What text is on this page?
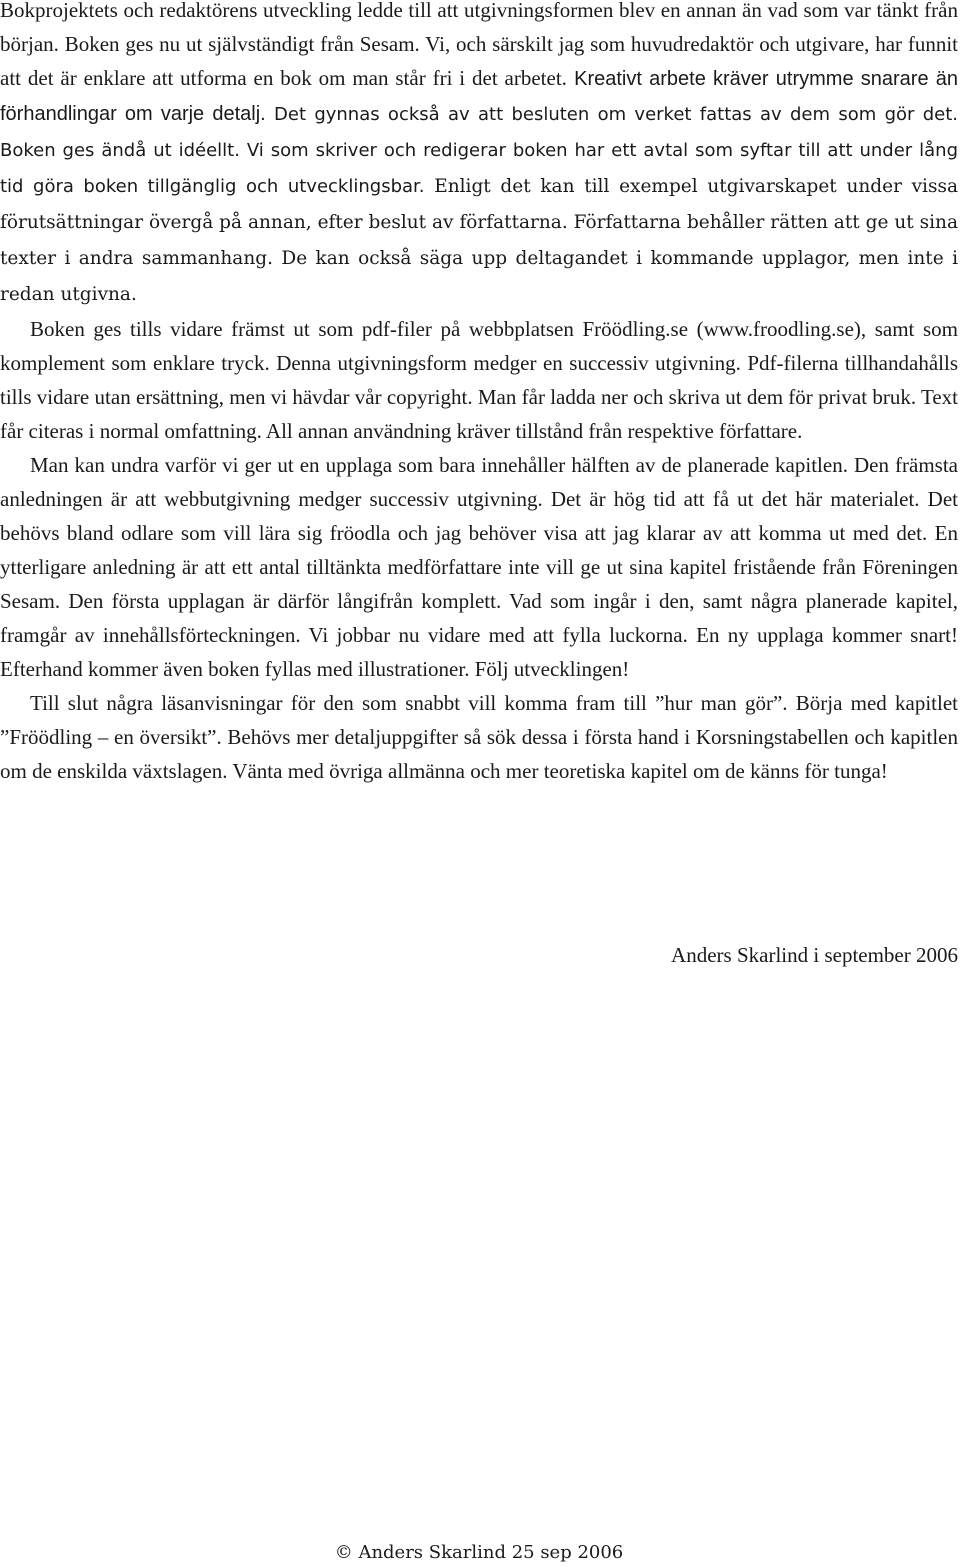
Bokprojektets och redaktörens utveckling ledde till att utgivningsformen blev en annan än vad som var tänkt från början. Boken ges nu ut självständigt från Sesam. Vi, och särskilt jag som huvudredaktör och utgivare, har funnit att det är enklare att utforma en bok om man står fri i det arbetet. Kreativt arbete kräver utrymme snarare än förhandlingar om varje detalj. Det gynnas också av att besluten om verket fattas av dem som gör det. Boken ges ändå ut idéellt. Vi som skriver och redigerar boken har ett avtal som syftar till att under lång tid göra boken tillgänglig och utvecklingsbar. Enligt det kan till exempel utgivarskapet under vissa förutsättningar övergå på annan, efter beslut av författarna. Författarna behåller rätten att ge ut sina texter i andra sammanhang. De kan också säga upp deltagandet i kommande upplagor, men inte i redan utgivna.

Boken ges tills vidare främst ut som pdf-filer på webbplatsen Fröödling.se (www.froodling.se), samt som komplement som enklare tryck. Denna utgivningsform medger en successiv utgivning. Pdf-filerna tillhandahålls tills vidare utan ersättning, men vi hävdar vår copyright. Man får ladda ner och skriva ut dem för privat bruk. Text får citeras i normal omfattning. All annan användning kräver tillstånd från respektive författare.

Man kan undra varför vi ger ut en upplaga som bara innehåller hälften av de planerade kapitlen. Den främsta anledningen är att webbutgivning medger successiv utgivning. Det är hög tid att få ut det här materialet. Det behövs bland odlare som vill lära sig fröodla och jag behöver visa att jag klarar av att komma ut med det. En ytterligare anledning är att ett antal tilltänkta medförfattare inte vill ge ut sina kapitel fristående från Föreningen Sesam. Den första upplagan är därför långifrån komplett. Vad som ingår i den, samt några planerade kapitel, framgår av innehållsförteckningen. Vi jobbar nu vidare med att fylla luckorna. En ny upplaga kommer snart! Efterhand kommer även boken fyllas med illustrationer. Följ utvecklingen!

Till slut några läsanvisningar för den som snabbt vill komma fram till ”hur man gör”. Börja med kapitlet ”Fröödling – en översikt”. Behövs mer detaljuppgifter så sök dessa i första hand i Korsningstabellen och kapitlen om de enskilda växtslagen. Vänta med övriga allmänna och mer teoretiska kapitel om de känns för tunga!

Anders Skarlind i september 2006
© Anders Skarlind 25 sep 2006
